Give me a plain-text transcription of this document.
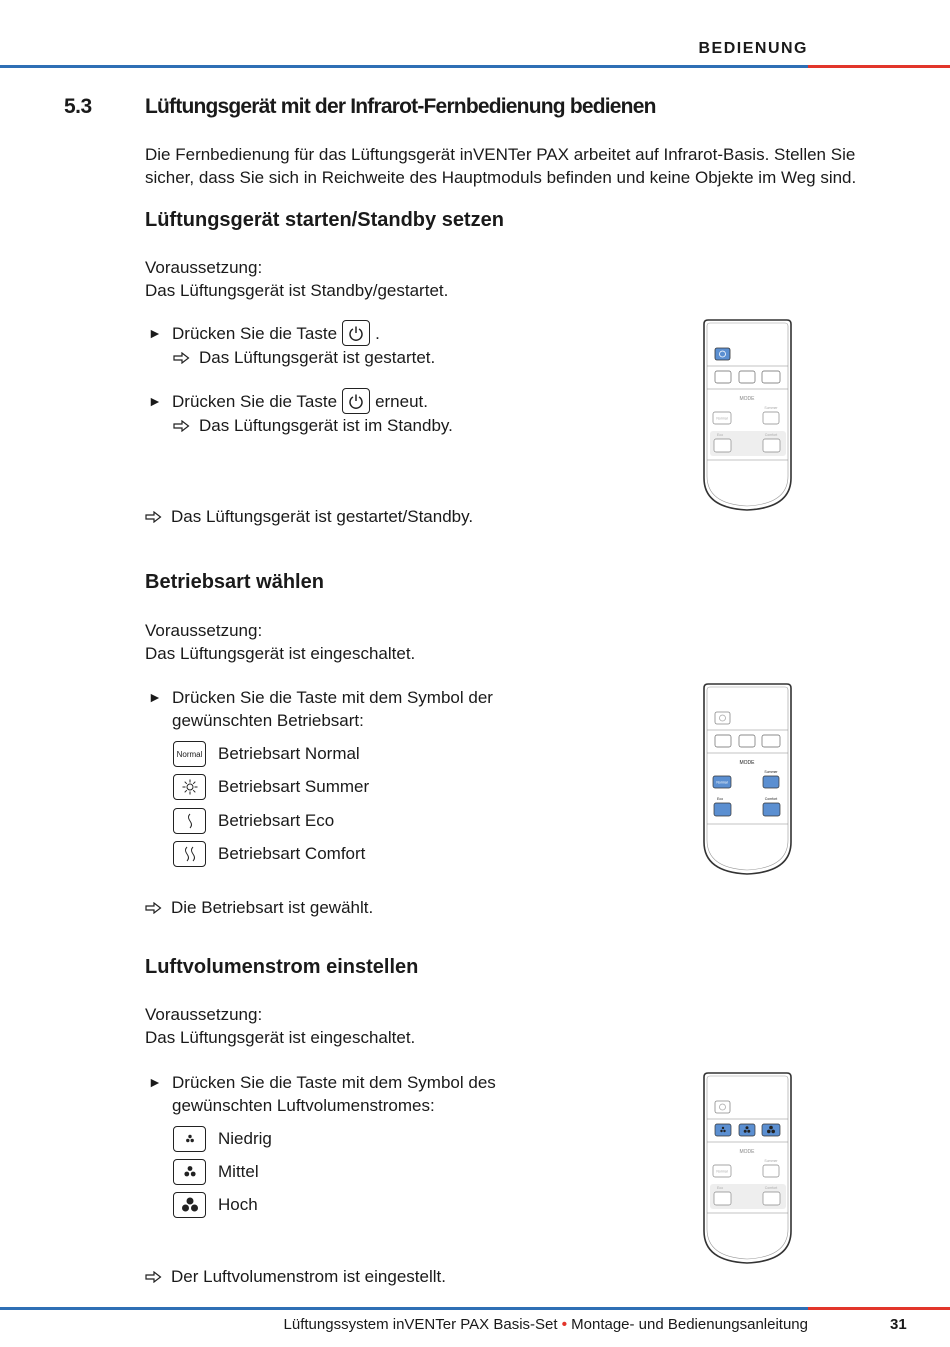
BEDIENUNG
5.3	Lüftungsgerät mit der Infrarot-Fernbedienung bedienen
Die Fernbedienung für das Lüftungsgerät inVENTer PAX arbeitet auf Infrarot-Basis. Stellen Sie
sicher, dass Sie sich in Reichweite des Hauptmoduls befinden und keine Objekte im Weg sind.
Lüftungsgerät starten/Standby setzen
Voraussetzung:
Das Lüftungsgerät ist Standby/gestartet.
► Drücken Sie die Taste .
Das Lüftungsgerät ist gestartet.
► Drücken Sie die Taste erneut.
Das Lüftungsgerät ist im Standby.
Das Lüftungsgerät ist gestartet/Standby.
MODE
Summer
Normal
Eco	Comfort
Betriebsart wählen
Voraussetzung:
Das Lüftungsgerät ist eingeschaltet.
► Drücken Sie die Taste mit dem Symbol der
gewünschten Betriebsart:
Normal Betriebsart Normal
Betriebsart Summer
Betriebsart Eco
Betriebsart Comfort
Die Betriebsart ist gewählt.
MODE
Summer
Normal
Eco	Comfort
Luftvolumenstrom einstellen
Voraussetzung:
Das Lüftungsgerät ist eingeschaltet.
► Drücken Sie die Taste mit dem Symbol des
gewünschten Luftvolumenstromes:
Niedrig
Mittel
Hoch
Der Luftvolumenstrom ist eingestellt.
MODE
Summer
Normal
Eco	Comfort
Lüftungssystem inVENTer PAX Basis-Set • Montage- und Bedienungsanleitung	31
